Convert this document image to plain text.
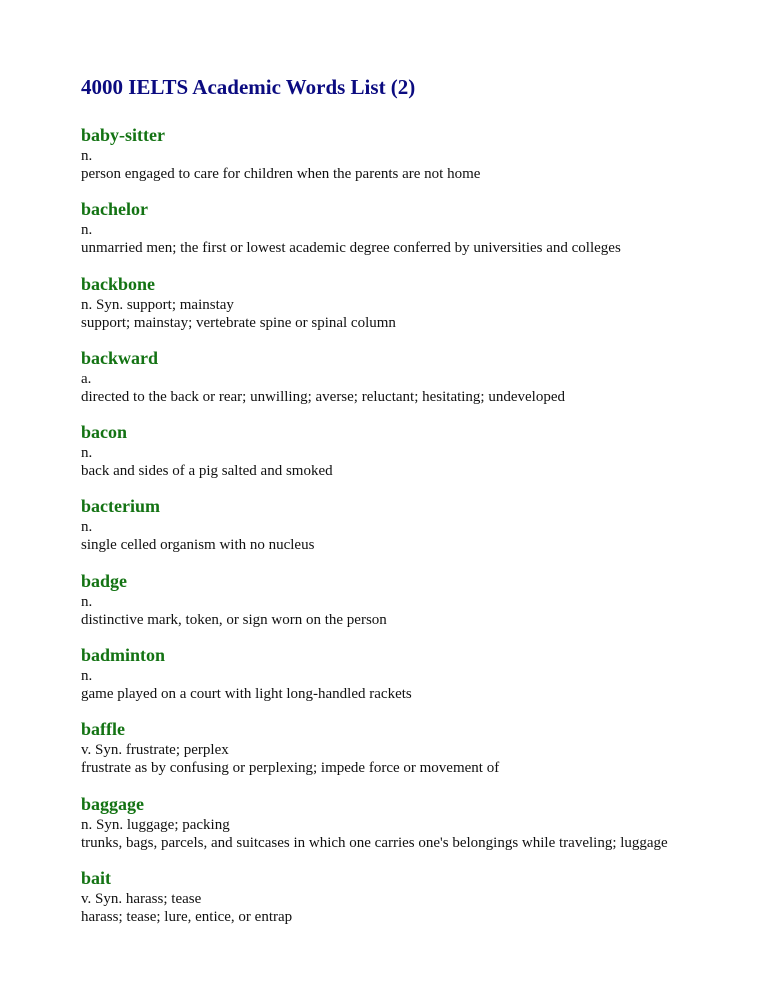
4000 IELTS Academic Words List (2)
baby-sitter
n.
person engaged to care for children when the parents are not home
bachelor
n.
unmarried men; the first or lowest academic degree conferred by universities and colleges
backbone
n. Syn. support; mainstay
support; mainstay; vertebrate spine or spinal column
backward
a.
directed to the back or rear; unwilling; averse; reluctant; hesitating; undeveloped
bacon
n.
back and sides of a pig salted and smoked
bacterium
n.
single celled organism with no nucleus
badge
n.
distinctive mark, token, or sign worn on the person
badminton
n.
game played on a court with light long-handled rackets
baffle
v. Syn. frustrate; perplex
frustrate as by confusing or perplexing; impede force or movement of
baggage
n. Syn. luggage; packing
trunks, bags, parcels, and suitcases in which one carries one's belongings while traveling; luggage
bait
v. Syn. harass; tease
harass; tease; lure, entice, or entrap
